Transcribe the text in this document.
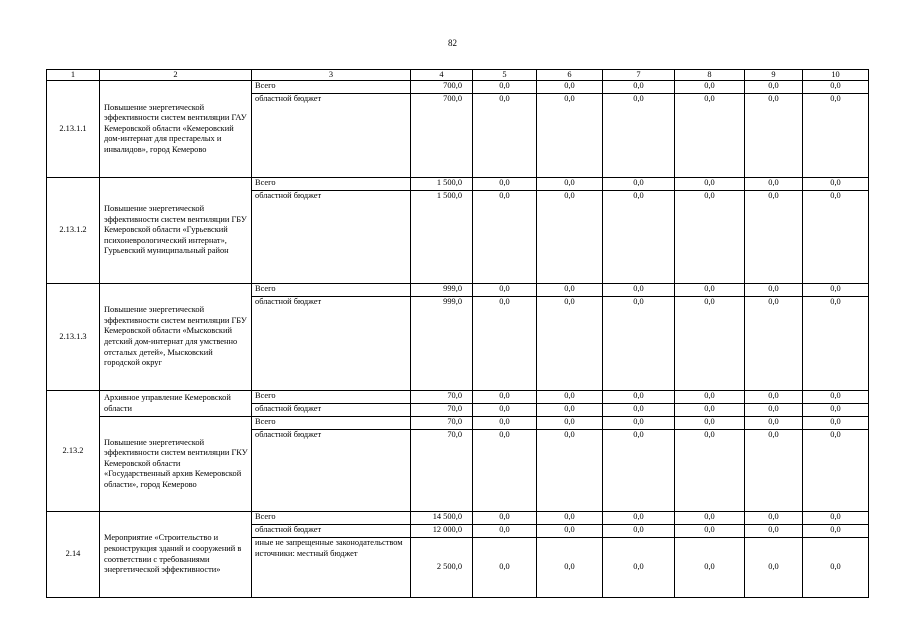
82
1	2	3	4	5	6	7	8	9	10
2.13.1.1	Повышение энергетической эффективности систем вентиляции ГАУ Кемеровской области «Кемеровский дом-интернат для престарелых и инвалидов», город Кемерово	Всего	700,0	0,0	0,0	0,0	0,0	0,0	0,0
		областной бюджет	700,0	0,0	0,0	0,0	0,0	0,0	0,0
2.13.1.2	Повышение энергетической эффективности систем вентиляции ГБУ Кемеровской области «Гурьевский психоневрологический интернат», Гурьевский муниципальный район	Всего	1 500,0	0,0	0,0	0,0	0,0	0,0	0,0
		областной бюджет	1 500,0	0,0	0,0	0,0	0,0	0,0	0,0
2.13.1.3	Повышение энергетической эффективности систем вентиляции ГБУ Кемеровской области «Мысковский детский дом-интернат для умственно отсталых детей», Мысковский городской округ	Всего	999,0	0,0	0,0	0,0	0,0	0,0	0,0
		областной бюджет	999,0	0,0	0,0	0,0	0,0	0,0	0,0
2.13.2	Архивное управление Кемеровской области	Всего	70,0	0,0	0,0	0,0	0,0	0,0	0,0
		областной бюджет	70,0	0,0	0,0	0,0	0,0	0,0	0,0
	Повышение энергетической эффективности систем вентиляции ГКУ Кемеровской области «Государственный архив Кемеровской области», город Кемерово	Всего	70,0	0,0	0,0	0,0	0,0	0,0	0,0
		областной бюджет	70,0	0,0	0,0	0,0	0,0	0,0	0,0
2.14	Мероприятие «Строительство и реконструкция зданий и сооружений в соответствии с требованиями энергетической эффективности»	Всего	14 500,0	0,0	0,0	0,0	0,0	0,0	0,0
		областной бюджет	12 000,0	0,0	0,0	0,0	0,0	0,0	0,0
		иные не запрещенные законодательством источники: местный бюджет	2 500,0	0,0	0,0	0,0	0,0	0,0	0,0
